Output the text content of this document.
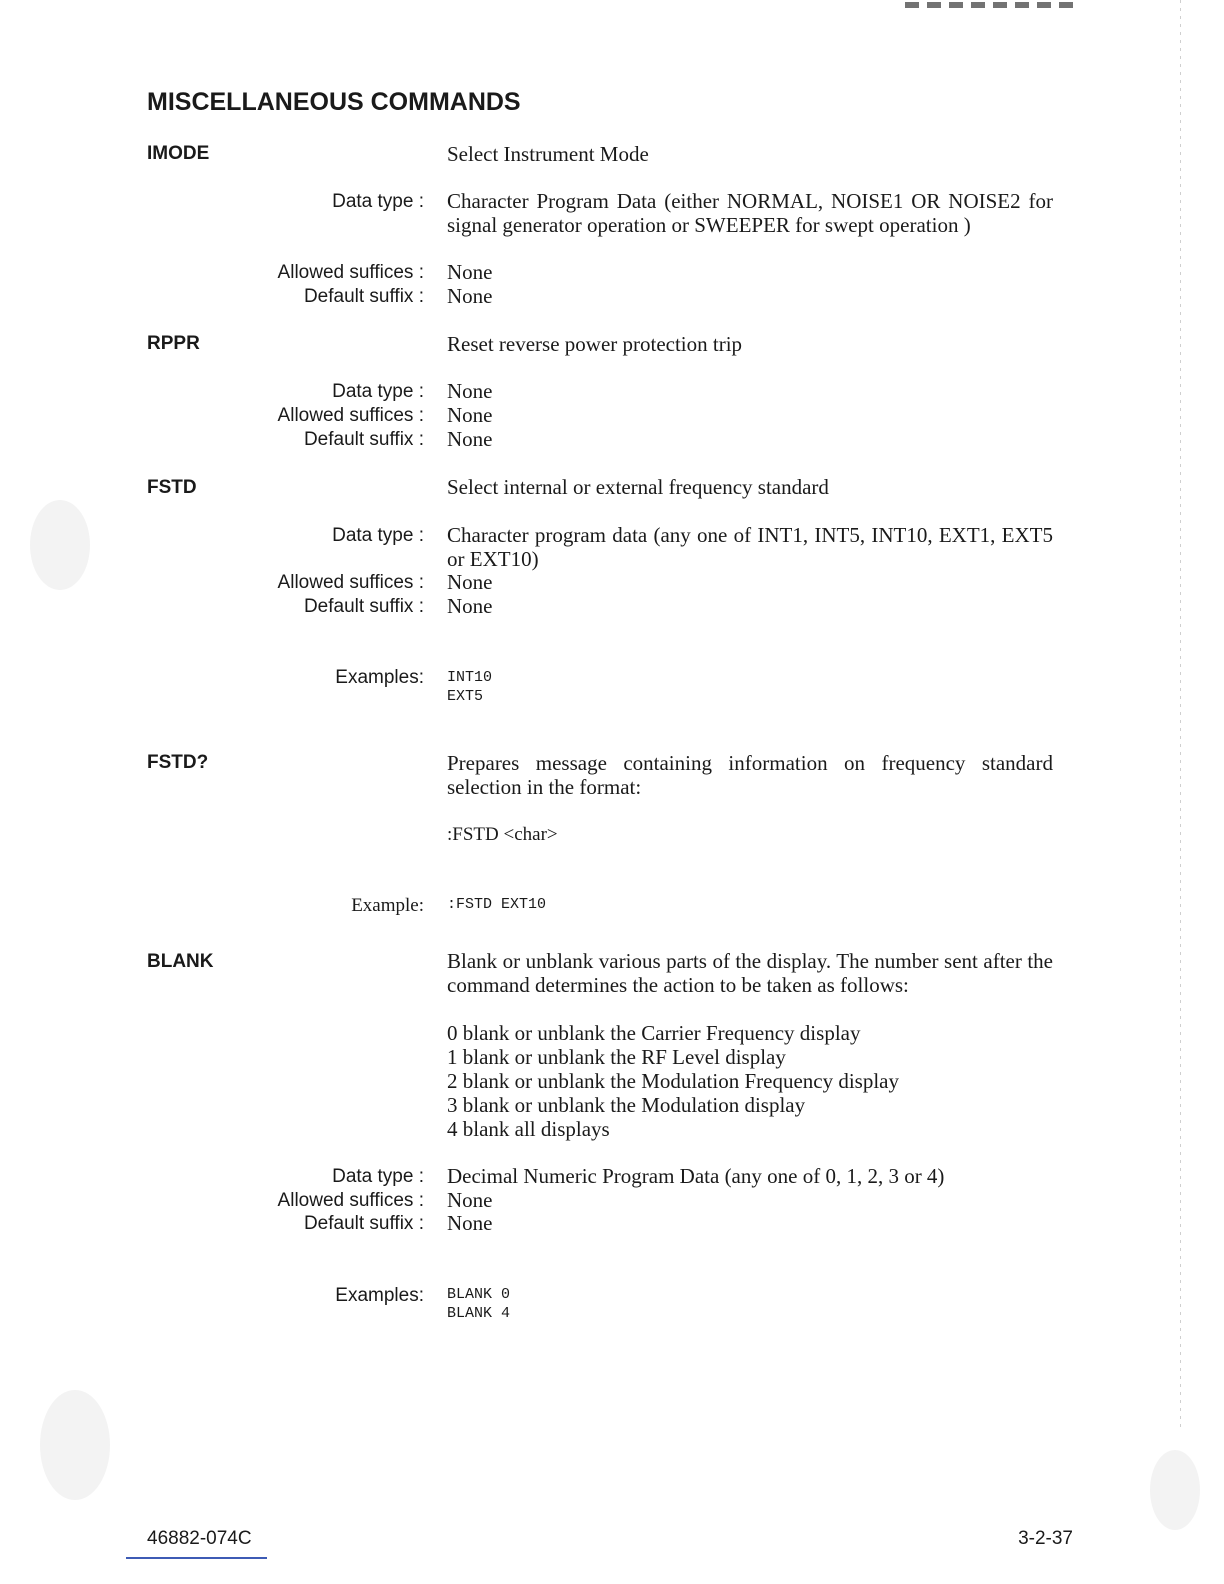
MISCELLANEOUS COMMANDS
IMODE	Select Instrument Mode
Data type : Character Program Data (either NORMAL, NOISE1 OR NOISE2 for signal generator operation or SWEEPER for swept operation )
Allowed suffices : None
Default suffix : None
RPPR	Reset reverse power protection trip
Data type : None
Allowed suffices : None
Default suffix : None
FSTD	Select internal or external frequency standard
Data type : Character program data (any one of INT1, INT5, INT10, EXT1, EXT5 or EXT10)
Allowed suffices : None
Default suffix : None
Examples: INT10
EXT5
FSTD?	Prepares message containing information on frequency standard selection in the format:
:FSTD <char>
Example: :FSTD EXT10
BLANK	Blank or unblank various parts of the display. The number sent after the command determines the action to be taken as follows:
0 blank or unblank the Carrier Frequency display
1 blank or unblank the RF Level display
2 blank or unblank the Modulation Frequency display
3 blank or unblank the Modulation display
4 blank all displays
Data type : Decimal Numeric Program Data (any one of 0, 1, 2, 3 or 4)
Allowed suffices : None
Default suffix : None
Examples: BLANK 0
BLANK 4
46882-074C	3-2-37
